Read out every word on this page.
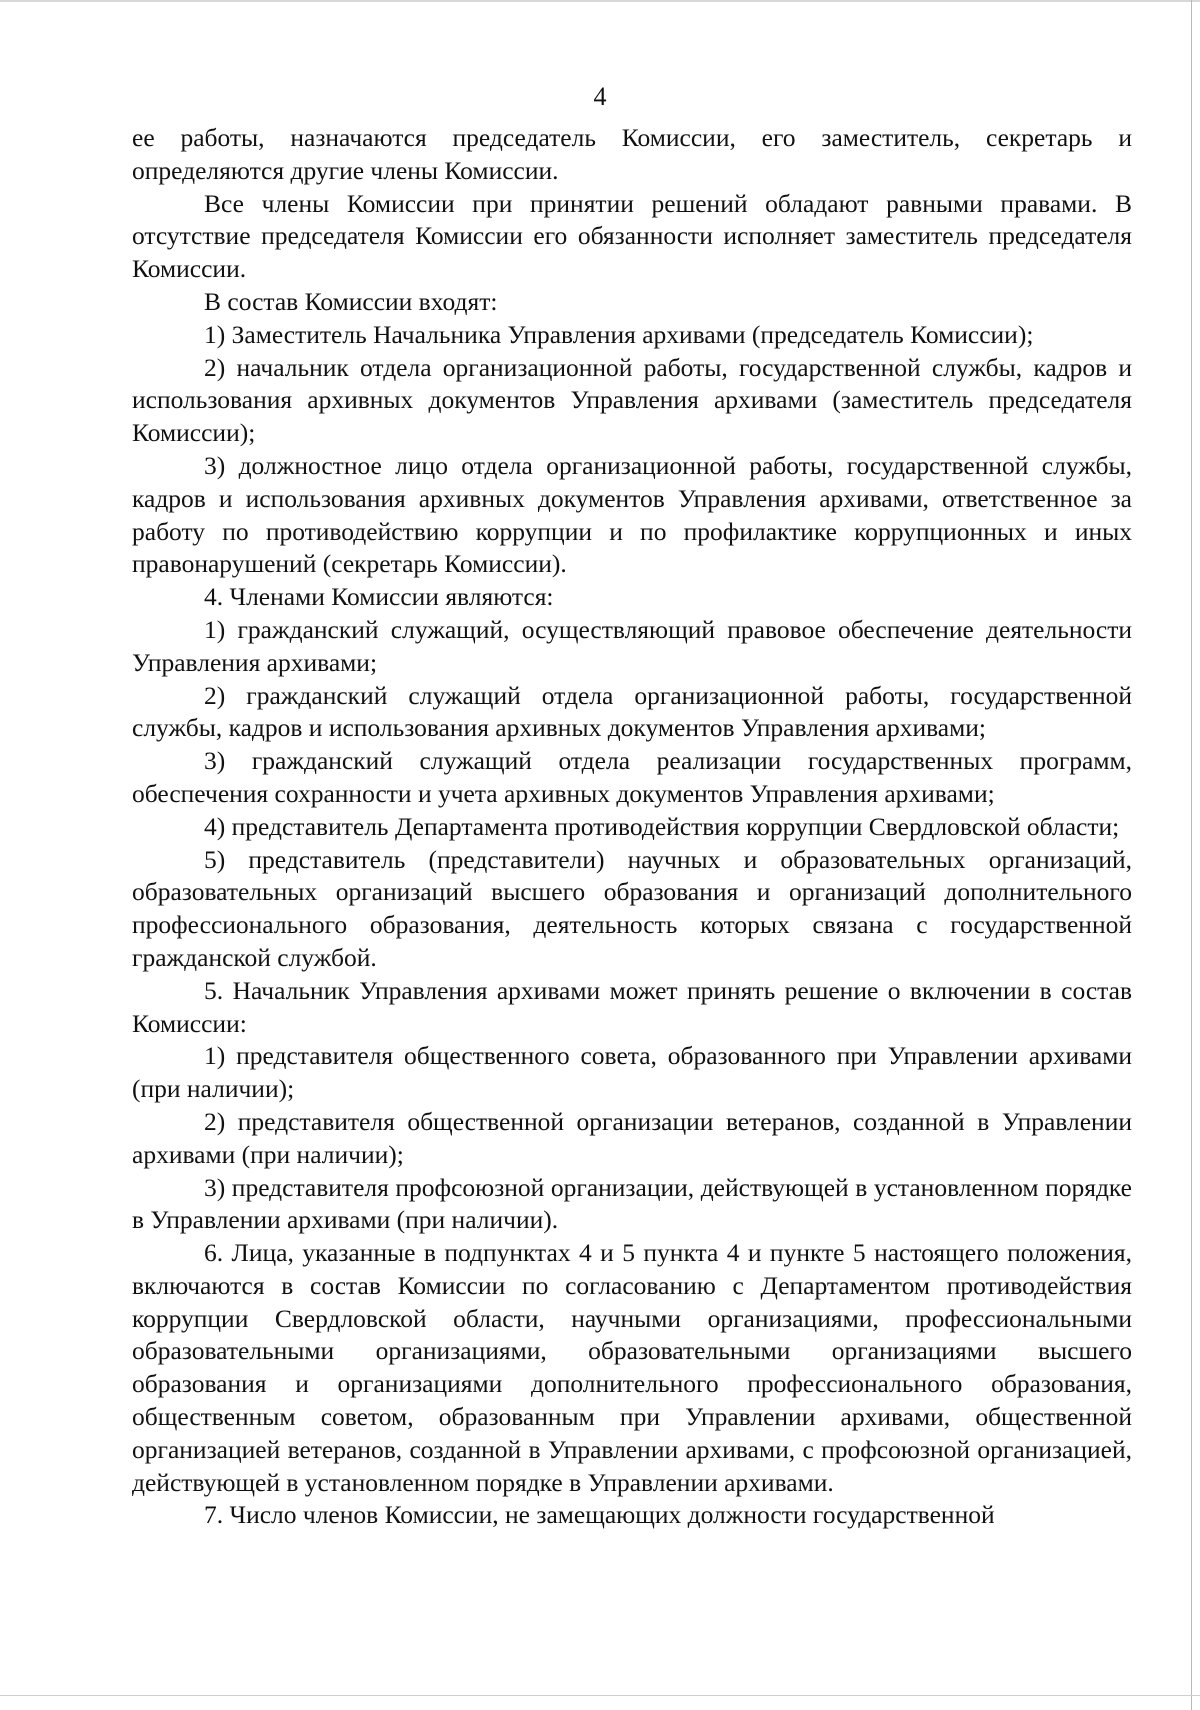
4

ее работы, назначаются председатель Комиссии, его заместитель, секретарь и определяются другие члены Комиссии.

Все члены Комиссии при принятии решений обладают равными правами. В отсутствие председателя Комиссии его обязанности исполняет заместитель председателя Комиссии.

В состав Комиссии входят:

1) Заместитель Начальника Управления архивами (председатель Комиссии);

2) начальник отдела организационной работы, государственной службы, кадров и использования архивных документов Управления архивами (заместитель председателя Комиссии);

3) должностное лицо отдела организационной работы, государственной службы, кадров и использования архивных документов Управления архивами, ответственное за работу по противодействию коррупции и по профилактике коррупционных и иных правонарушений (секретарь Комиссии).

4. Членами Комиссии являются:

1) гражданский служащий, осуществляющий правовое обеспечение деятельности Управления архивами;

2) гражданский служащий отдела организационной работы, государственной службы, кадров и использования архивных документов Управления архивами;

3) гражданский служащий отдела реализации государственных программ, обеспечения сохранности и учета архивных документов Управления архивами;

4) представитель Департамента противодействия коррупции Свердловской области;

5) представитель (представители) научных и образовательных организаций, образовательных организаций высшего образования и организаций дополнительного профессионального образования, деятельность которых связана с государственной гражданской службой.

5. Начальник Управления архивами может принять решение о включении в состав Комиссии:

1) представителя общественного совета, образованного при Управлении архивами (при наличии);

2) представителя общественной организации ветеранов, созданной в Управлении архивами (при наличии);

3) представителя профсоюзной организации, действующей в установленном порядке в Управлении архивами (при наличии).

6. Лица, указанные в подпунктах 4 и 5 пункта 4 и пункте 5 настоящего положения, включаются в состав Комиссии по согласованию с Департаментом противодействия коррупции Свердловской области, научными организациями, профессиональными образовательными организациями, образовательными организациями высшего образования и организациями дополнительного профессионального образования, общественным советом, образованным при Управлении архивами, общественной организацией ветеранов, созданной в Управлении архивами, с профсоюзной организацией, действующей в установленном порядке в Управлении архивами.

7. Число членов Комиссии, не замещающих должности государственной
